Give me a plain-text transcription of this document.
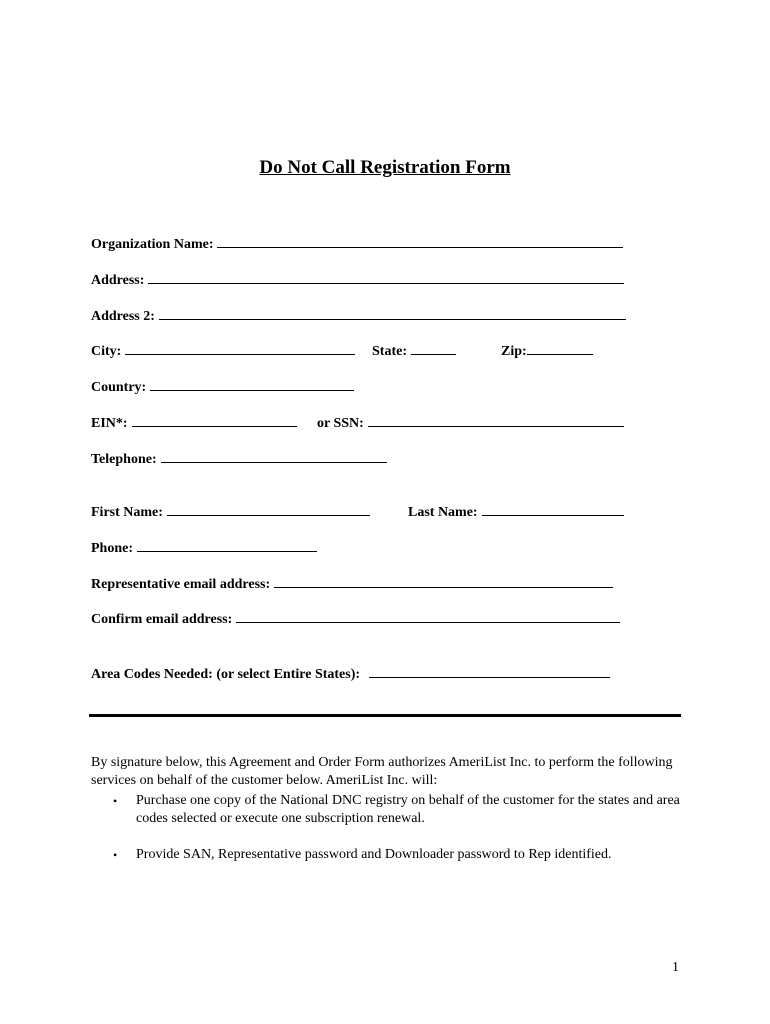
Do Not Call Registration Form
Organization Name:
Address:
Address 2:
City:	State:	Zip:
Country:
EIN*:	or SSN:
Telephone:
First Name:	Last Name:
Phone:
Representative email address:
Confirm email address:
Area Codes Needed: (or select Entire States):
By signature below, this Agreement and Order Form authorizes AmeriList Inc. to perform the following services on behalf of the customer below. AmeriList Inc. will:
•	Purchase one copy of the National DNC registry on behalf of the customer for the states and area codes selected or execute one subscription renewal.
•	Provide SAN, Representative password and Downloader password to Rep identified.
1
